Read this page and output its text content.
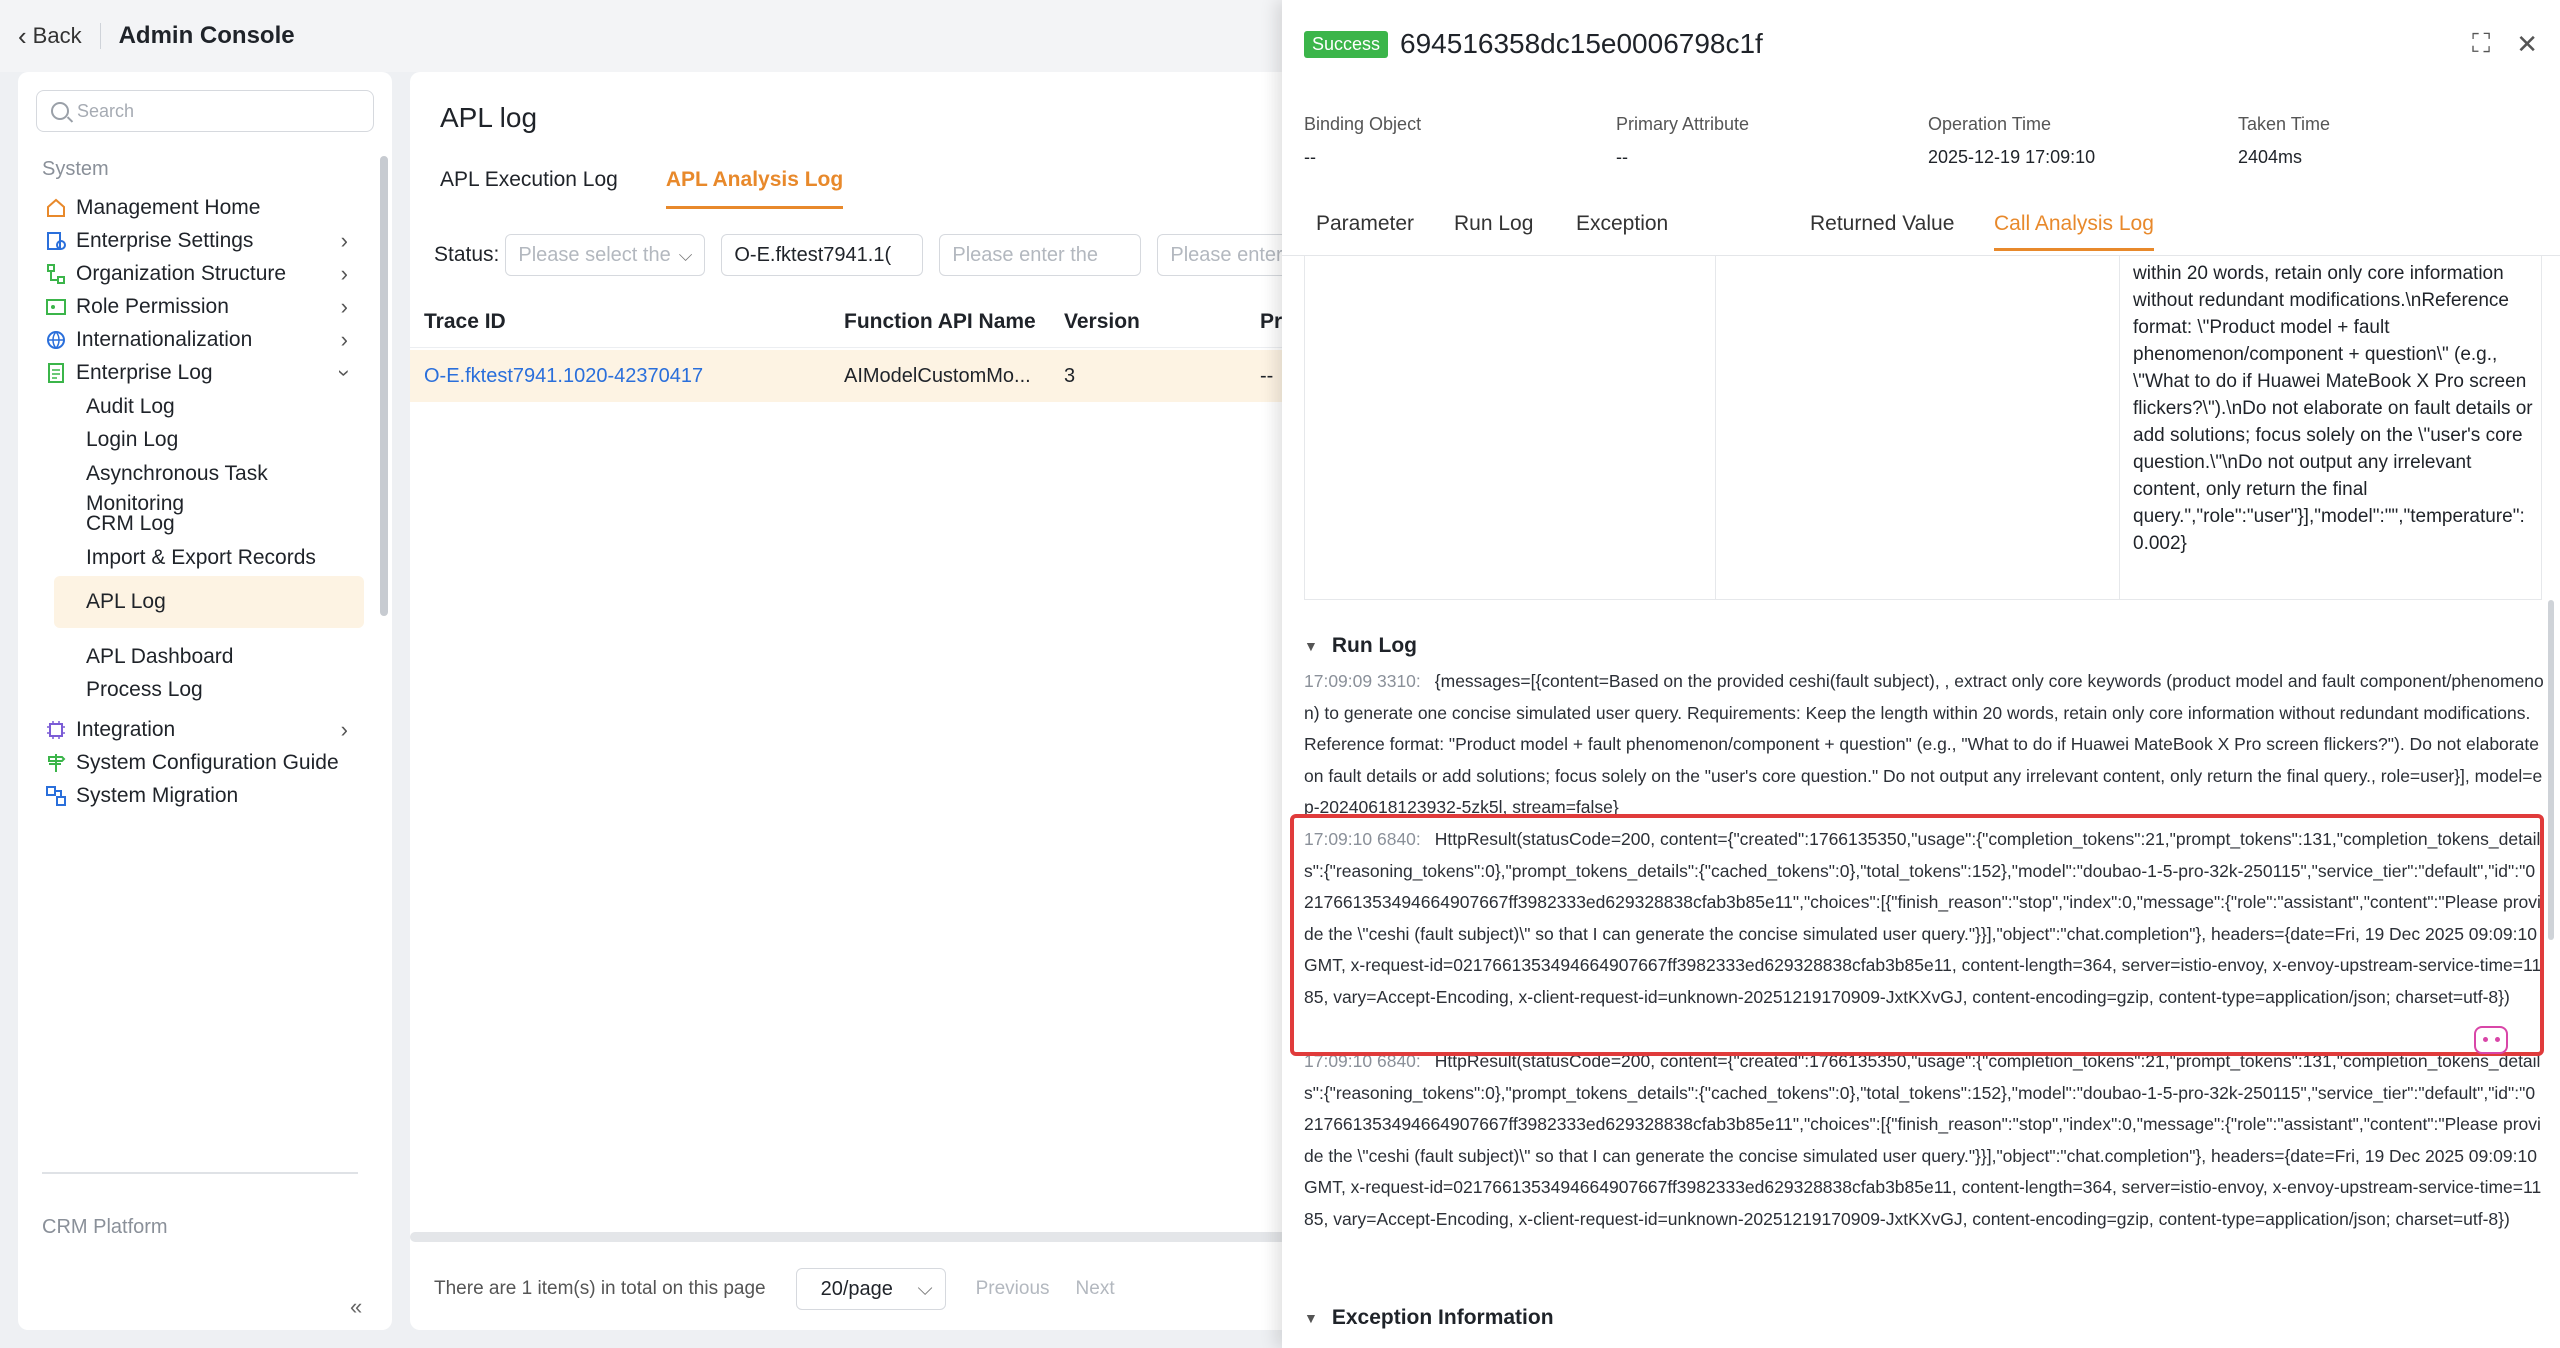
‹ Back Admin Console
Search
System
Management Home
Enterprise Settings	›
Organization Structure ›
Role Permission	›
Internationalization	›
Enterprise Log	›
Audit Log
Login Log
Asynchronous Task Monitoring
CRM Log
Import & Export Records
APL Log
APL Dashboard
Process Log
Integration	›
System Configuration Guide
System Migration
CRM Platform
«
APL log
APL Execution Log APL Analysis Log
Status: Please select the ⌵
O-E.fktest7941.1(
Please enter the
Please enter
Trace ID	Function API Name Version	Pr
O-E.fktest7941.1020-42370417	AIModelCustomMo... 3	--
There are 1 item(s) in total on this page	20/page ⌵ Previous Next
Success 694516358dc15e0006798c1f	⛶ ✕
Binding Object
--
Primary Attribute
--
Operation Time
2025-12-19 17:09:10
Taken Time
2404ms
Parameter Run Log Exception	Returned Value Call Analysis Log
within 20 words, retain only core information without redundant modifications.\nReference format: \"Product model + fault phenomenon/component + question\" (e.g., \"What to do if Huawei MateBook X Pro screen flickers?\").\nDo not elaborate on fault details or add solutions; focus solely on the \"user's core question.\"\nDo not output any irrelevant content, only return the final query.","role":"user"}],"model":"","temperature":0.002}
▼ Run Log
17:09:09 3310: {messages=[{content=Based on the provided ceshi(fault subject), , extract only core keywords (product model and fault component/phenomenon) to generate one concise simulated user query. Requirements: Keep the length within 20 words, retain only core information without redundant modifications. Reference format: "Product model + fault phenomenon/component + question" (e.g., "What to do if Huawei MateBook X Pro screen flickers?"). Do not elaborate on fault details or add solutions; focus solely on the "user's core question." Do not output any irrelevant content, only return the final query., role=user}], model=ep-20240618123932-5zk5l, stream=false}
17:09:10 6840: HttpResult(statusCode=200, content={"created":1766135350,"usage":{"completion_tokens":21,"prompt_tokens":131,"completion_tokens_details":{"reasoning_tokens":0},"prompt_tokens_details":{"cached_tokens":0},"total_tokens":152},"model":"doubao-1-5-pro-32k-250115","service_tier":"default","id":"0217661353494664907667ff3982333ed629328838cfab3b85e11","choices":[{"finish_reason":"stop","index":0,"message":{"role":"assistant","content":"Please provide the \"ceshi (fault subject)\" so that I can generate the concise simulated user query."}}],"object":"chat.completion"}, headers={date=Fri, 19 Dec 2025 09:09:10 GMT, x-request-id=0217661353494664907667ff3982333ed629328838cfab3b85e11, content-length=364, server=istio-envoy, x-envoy-upstream-service-time=1185, vary=Accept-Encoding, x-client-request-id=unknown-20251219170909-JxtKXvGJ, content-encoding=gzip, content-type=application/json; charset=utf-8})
17:09:10 6840: HttpResult(statusCode=200, content={"created":1766135350,"usage":{"completion_tokens":21,"prompt_tokens":131,"completion_tokens_details":{"reasoning_tokens":0},"prompt_tokens_details":{"cached_tokens":0},"total_tokens":152},"model":"doubao-1-5-pro-32k-250115","service_tier":"default","id":"0217661353494664907667ff3982333ed629328838cfab3b85e11","choices":[{"finish_reason":"stop","index":0,"message":{"role":"assistant","content":"Please provide the \"ceshi (fault subject)\" so that I can generate the concise simulated user query."}}],"object":"chat.completion"}, headers={date=Fri, 19 Dec 2025 09:09:10 GMT, x-request-id=0217661353494664907667ff3982333ed629328838cfab3b85e11, content-length=364, server=istio-envoy, x-envoy-upstream-service-time=1185, vary=Accept-Encoding, x-client-request-id=unknown-20251219170909-JxtKXvGJ, content-encoding=gzip, content-type=application/json; charset=utf-8})
▼ Exception Information
